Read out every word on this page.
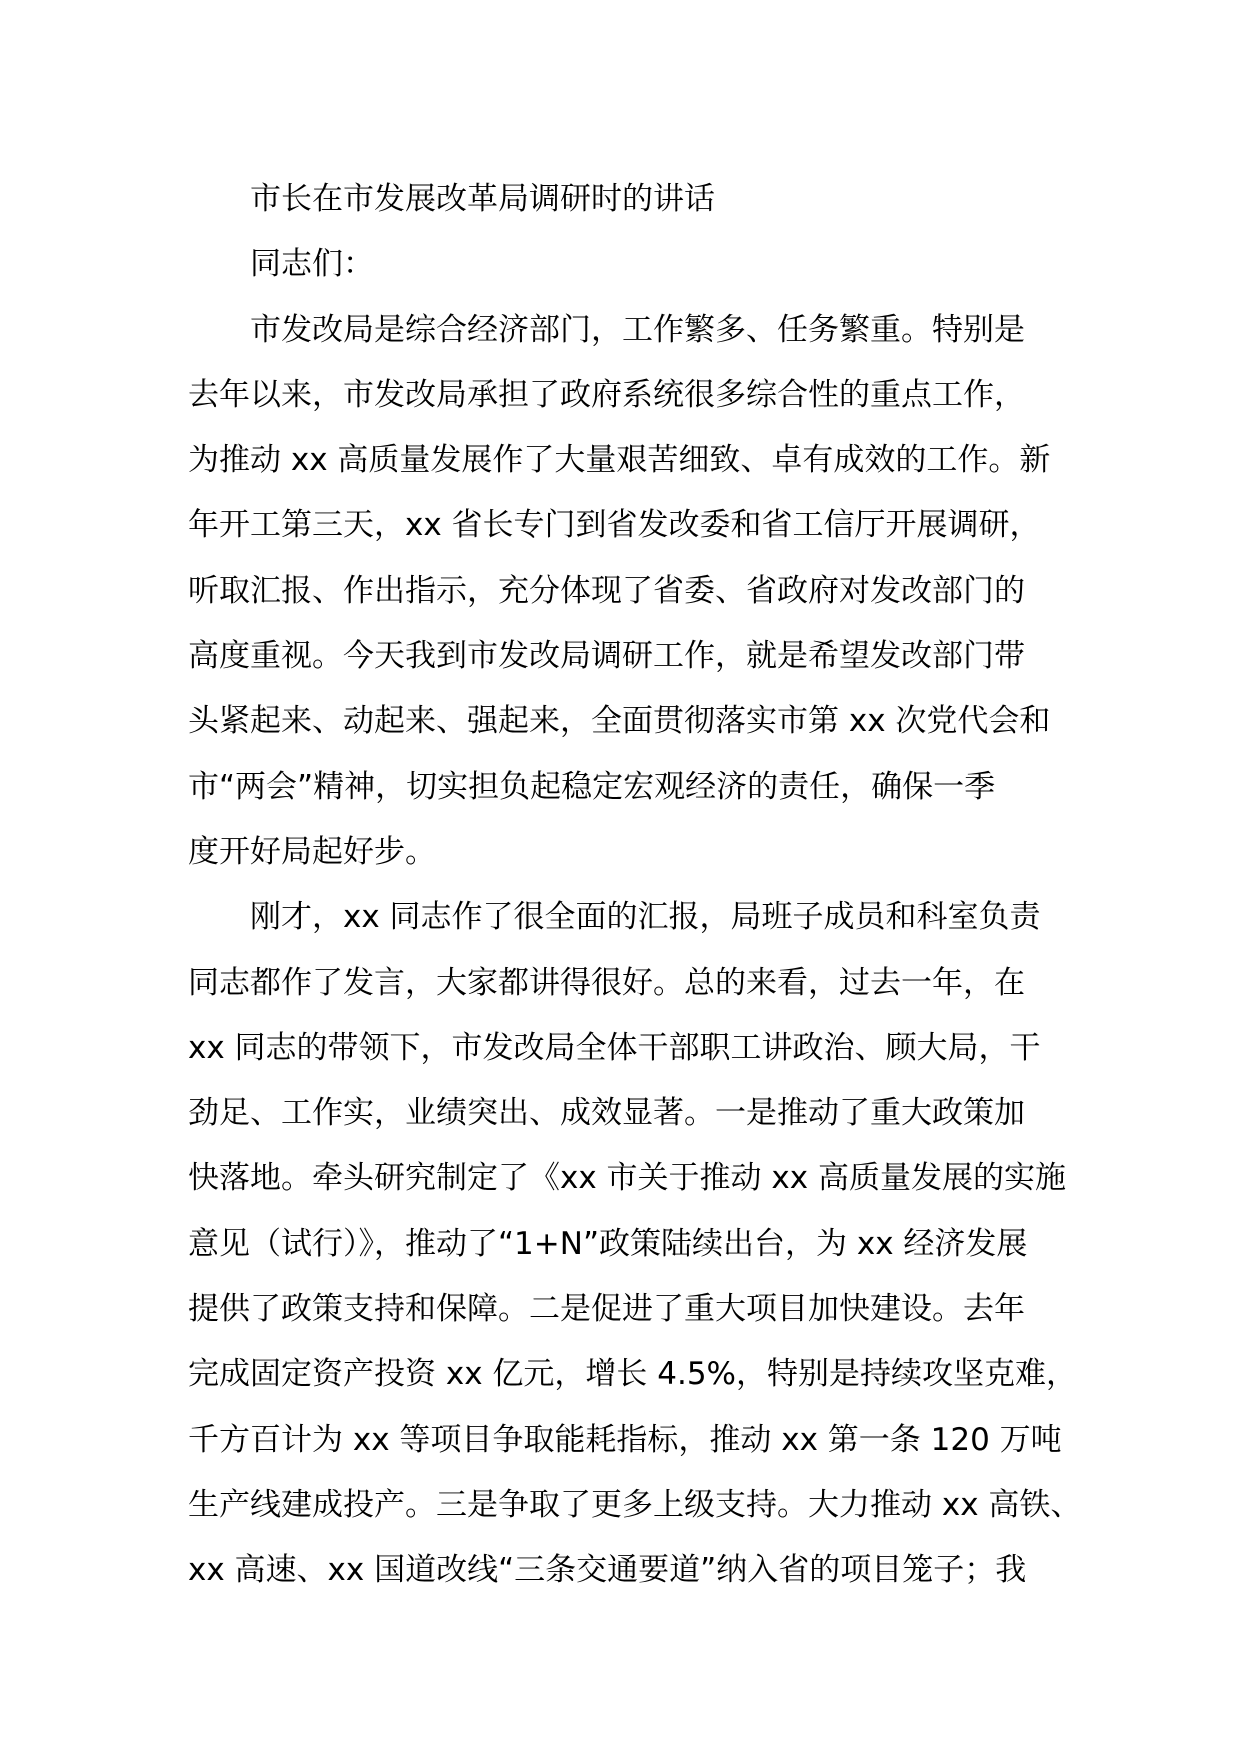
市长在市发展改革局调研时的讲话

同志们：

市发改局是综合经济部门，工作繁多、任务繁重。特别是

去年以来，市发改局承担了政府系统很多综合性的重点工作，

为推动 xx 高质量发展作了大量艰苦细致、卓有成效的工作。新

年开工第三天，xx 省长专门到省发改委和省工信厅开展调研，

听取汇报、作出指示，充分体现了省委、省政府对发改部门的

高度重视。今天我到市发改局调研工作，就是希望发改部门带

头紧起来、动起来、强起来，全面贯彻落实市第 xx 次党代会和

市“两会”精神，切实担负起稳定宏观经济的责任，确保一季

度开好局起好步。

刚才，xx 同志作了很全面的汇报，局班子成员和科室负责

同志都作了发言，大家都讲得很好。总的来看，过去一年，在

xx 同志的带领下，市发改局全体干部职工讲政治、顾大局，干

劲足、工作实，业绩突出、成效显著。一是推动了重大政策加

快落地。牵头研究制定了《xx 市关于推动 xx 高质量发展的实施

意见（试行）》，推动了“1+N”政策陆续出台，为 xx 经济发展

提供了政策支持和保障。二是促进了重大项目加快建设。去年

完成固定资产投资 xx 亿元，增长 4.5%，特别是持续攻坚克难，

千方百计为 xx 等项目争取能耗指标，推动 xx 第一条 120 万吨

生产线建成投产。三是争取了更多上级支持。大力推动 xx 高铁、

xx 高速、xx 国道改线“三条交通要道”纳入省的项目笼子；我
